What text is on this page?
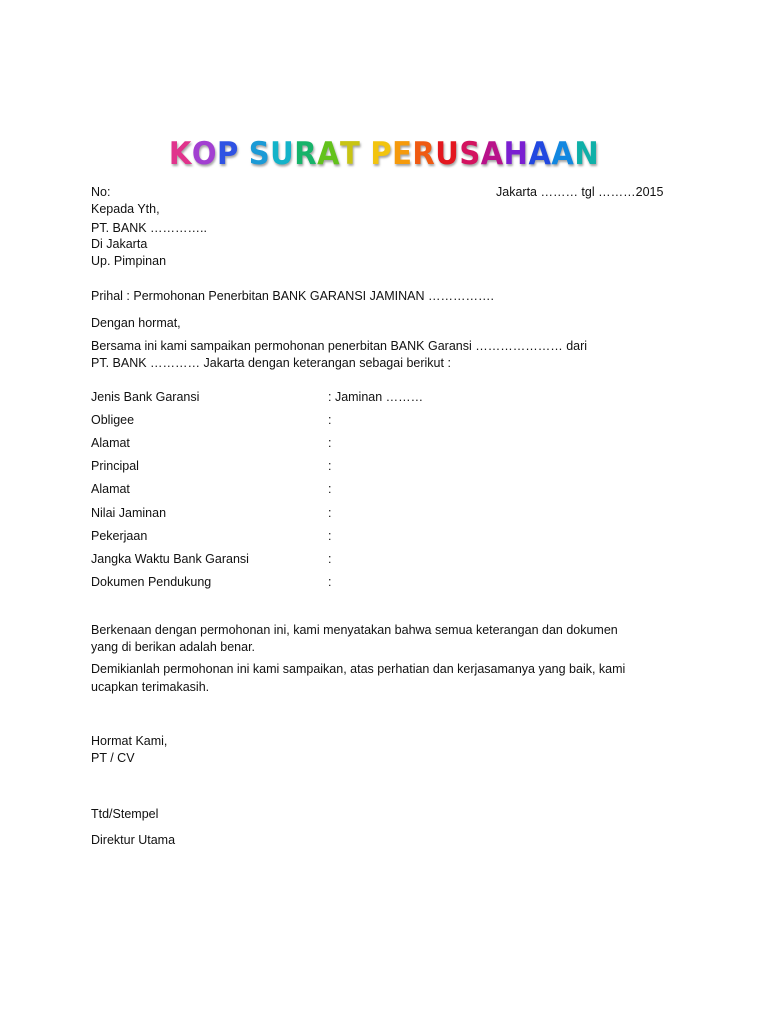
KOP SURAT PERUSAHAAN

No:	Jakarta ……… tgl ………2015

Kepada Yth,

PT. BANK …………..

Di Jakarta

Up. Pimpinan

Prihal : Permohonan Penerbitan BANK GARANSI JAMINAN …………….

Dengan hormat,

Bersama ini kami sampaikan permohonan penerbitan BANK Garansi ………………… dari

PT. BANK ………… Jakarta dengan keterangan sebagai berikut :

Jenis Bank Garansi	: Jaminan ………

Obligee	:

Alamat	:

Principal	:

Alamat	:

Nilai Jaminan	:

Pekerjaan	:

Jangka Waktu Bank Garansi	:

Dokumen Pendukung	:

Berkenaan dengan permohonan ini, kami menyatakan bahwa semua keterangan dan dokumen

yang di berikan adalah benar.

Demikianlah permohonan ini kami sampaikan, atas perhatian dan kerjasamanya yang baik, kami

ucapkan terimakasih.

Hormat Kami,

PT / CV

Ttd/Stempel

Direktur Utama
